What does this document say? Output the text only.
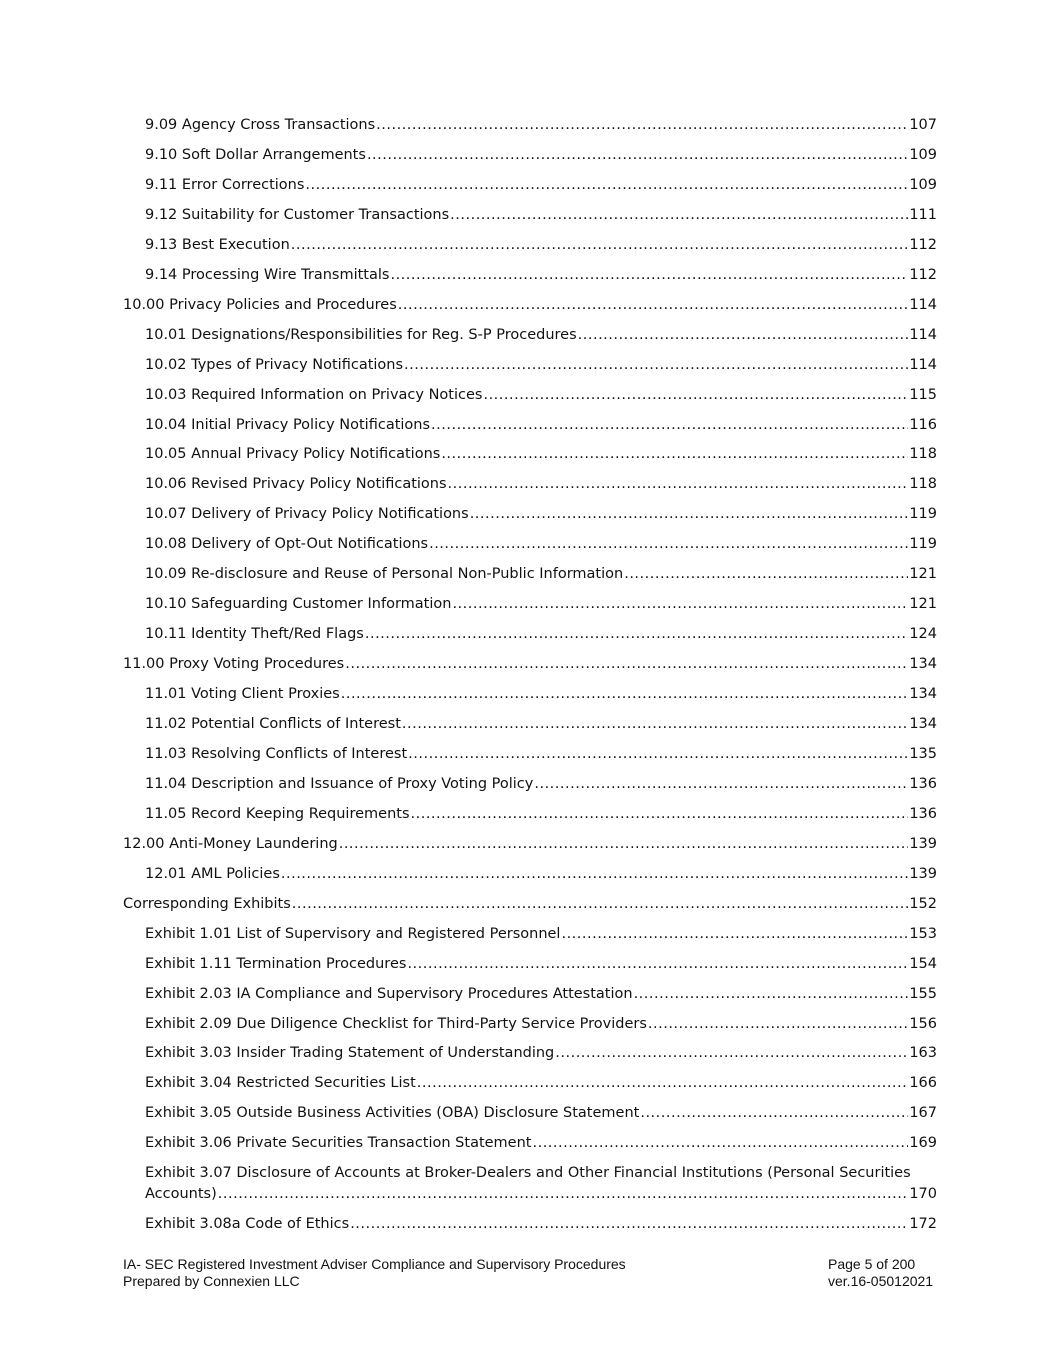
9.09 Agency Cross Transactions .....	107
9.10 Soft Dollar Arrangements .....	109
9.11 Error Corrections .....	109
9.12 Suitability for Customer Transactions .....	111
9.13 Best Execution .....	112
9.14 Processing Wire Transmittals .....	112
10.00 Privacy Policies and Procedures .....	114
10.01 Designations/Responsibilities for Reg. S-P Procedures .....	114
10.02 Types of Privacy Notifications .....	114
10.03 Required Information on Privacy Notices .....	115
10.04 Initial Privacy Policy Notifications .....	116
10.05 Annual Privacy Policy Notifications .....	118
10.06 Revised Privacy Policy Notifications .....	118
10.07 Delivery of Privacy Policy Notifications .....	119
10.08 Delivery of Opt-Out Notifications .....	119
10.09 Re-disclosure and Reuse of Personal Non-Public Information .....	121
10.10 Safeguarding Customer Information .....	121
10.11 Identity Theft/Red Flags .....	124
11.00 Proxy Voting Procedures .....	134
11.01 Voting Client Proxies .....	134
11.02 Potential Conflicts of Interest .....	134
11.03 Resolving Conflicts of Interest .....	135
11.04 Description and Issuance of Proxy Voting Policy .....	136
11.05 Record Keeping Requirements .....	136
12.00 Anti-Money Laundering .....	139
12.01 AML Policies .....	139
Corresponding Exhibits .....	152
Exhibit 1.01 List of Supervisory and Registered Personnel .....	153
Exhibit 1.11 Termination Procedures .....	154
Exhibit 2.03 IA Compliance and Supervisory Procedures Attestation .....	155
Exhibit 2.09 Due Diligence Checklist for Third-Party Service Providers .....	156
Exhibit 3.03 Insider Trading Statement of Understanding .....	163
Exhibit 3.04 Restricted Securities List .....	166
Exhibit 3.05 Outside Business Activities (OBA) Disclosure Statement .....	167
Exhibit 3.06 Private Securities Transaction Statement .....	169
Exhibit 3.07 Disclosure of Accounts at Broker-Dealers and Other Financial Institutions (Personal Securities
Accounts) .....	170
Exhibit 3.08a Code of Ethics .....	172
IA- SEC Registered Investment Adviser Compliance and Supervisory Procedures
Prepared by Connexien LLC
Page 5 of 200
ver.16-05012021
